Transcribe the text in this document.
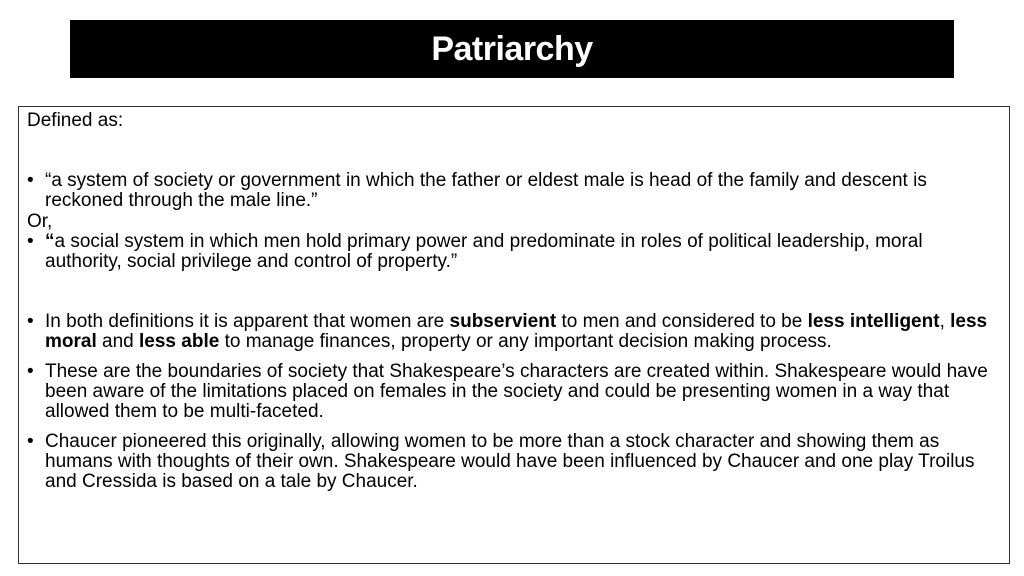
Patriarchy
Defined as:
• “a system of society or government in which the father or eldest male is head of the family and descent is reckoned through the male line.”
Or,
• “a social system in which men hold primary power and predominate in roles of political leadership, moral authority, social privilege and control of property.”
• In both definitions it is apparent that women are subservient to men and considered to be less intelligent, less moral and less able to manage finances, property or any important decision making process.
• These are the boundaries of society that Shakespeare’s characters are created within. Shakespeare would have been aware of the limitations placed on females in the society and could be presenting women in a way that allowed them to be multi-faceted.
• Chaucer pioneered this originally, allowing women to be more than a stock character and showing them as humans with thoughts of their own. Shakespeare would have been influenced by Chaucer and one play Troilus and Cressida is based on a tale by Chaucer.
